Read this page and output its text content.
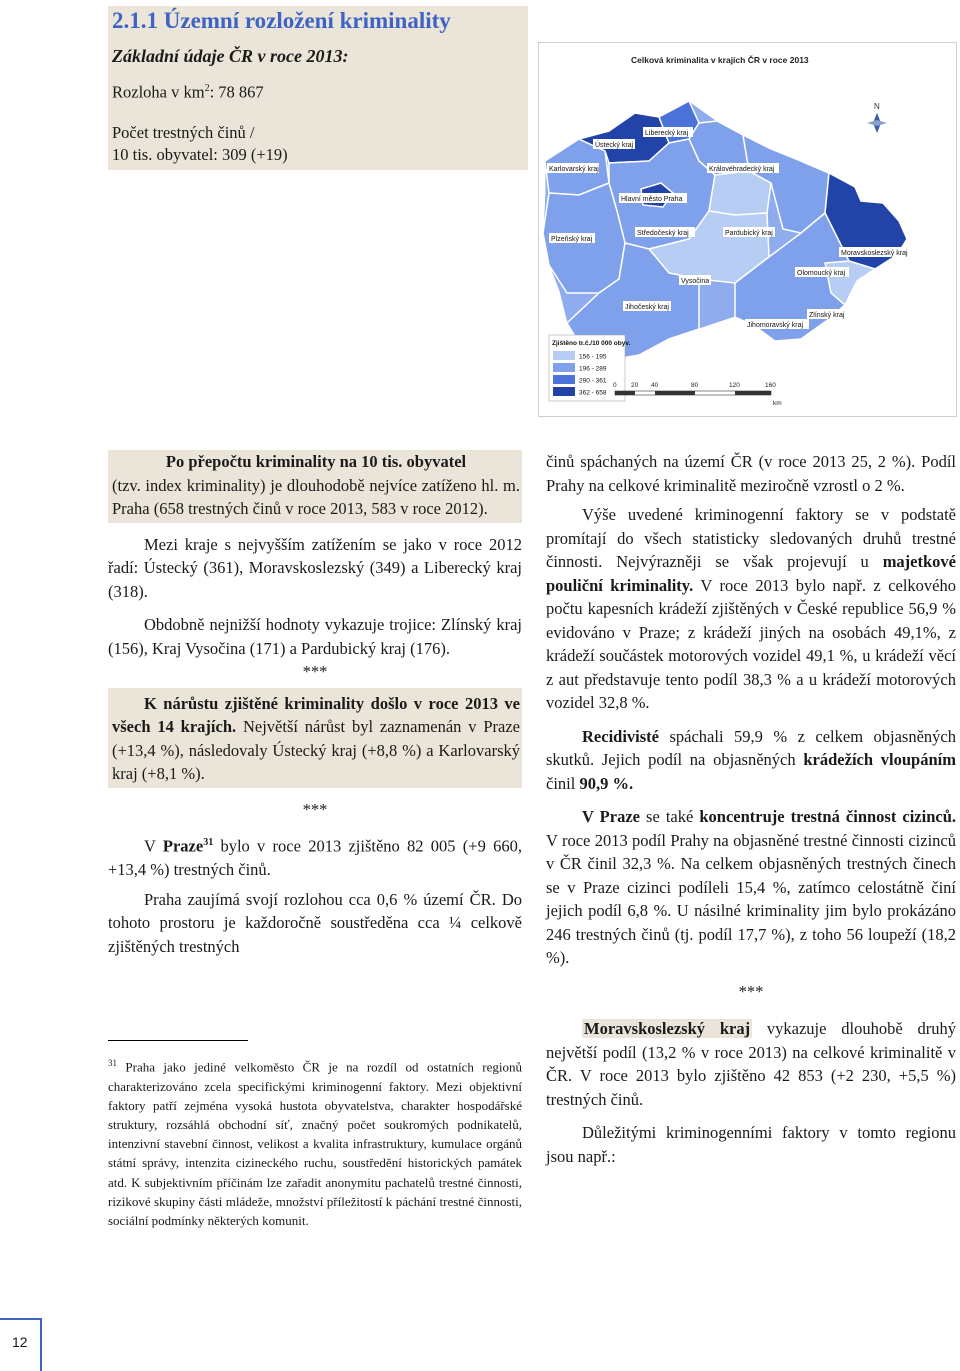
2.1.1 Územní rozložení kriminality
Základní údaje ČR v roce 2013:
Rozloha v $km^2$: 78 867
Počet trestných činů /
10 tis. obyvatel: 309 (+19)
Celková kriminalita v krajích ČR v roce 2013
Karlovarský kraj
Ústecký kraj
Liberecký kraj
Královéhradecký kraj
Hlavní město Praha
Středočeský kraj	Pardubický kraj
Plzeňský kraj
Moravskoslezský kraj
Olomoucký kraj
Vysočina
Jihočeský kraj
Zlínský kraj
Jihomoravský kraj
N
Zjištěno tr.č./10 000 obyv.
156 - 195
196 - 289
290 - 361
362 - 658
0 20 40	80	120	160
km

Po přepočtu kriminality na 10 tis. obyvatel
(tzv. index kriminality) je dlouhodobě nejvíce zatíženo hl. m. Praha (658 trestných činů v roce 2013, 583 v roce 2012).

Mezi kraje s nejvyšším zatížením se jako v roce 2012 řadí: Ústecký (361), Moravskoslezský (349) a Liberecký kraj (318).

Obdobně nejnižší hodnoty vykazuje trojice: Zlínský kraj (156), Kraj Vysočina (171) a Pardubický kraj (176).

***

K nárůstu zjištěné kriminality došlo v roce 2013 ve všech 14 krajích. Největší nárůst byl zaznamenán v Praze (+13,4 %), následovaly Ústecký kraj (+8,8 %) a Karlovarský kraj (+8,1 %).

***

V Praze$^{31}$ bylo v roce 2013 zjištěno 82 005 (+9 660, +13,4 %) trestných činů.

Praha zaujímá svojí rozlohou cca 0,6 % území ČR. Do tohoto prostoru je každoročně soustředěna cca ¼ celkově zjištěných trestných

$^{31}$ Praha jako jediné velkoměsto ČR je na rozdíl od ostatních regionů charakterizováno zcela specifickými kriminogenní faktory. Mezi objektivní faktory patří zejména vysoká hustota obyvatelstva, charakter hospodářské struktury, rozsáhlá obchodní síť, značný počet soukromých podnikatelů, intenzivní stavební činnost, velikost a kvalita infrastruktury, kumulace orgánů státní správy, intenzita cizineckého ruchu, soustředění historických památek atd. K subjektivním příčinám lze zařadit anonymitu pachatelů trestné činnosti, rizikové skupiny části mládeže, množství příležitostí k páchání trestné činnosti, sociální podmínky některých komunit.

činů spáchaných na území ČR (v roce 2013 25, 2 %). Podíl Prahy na celkové kriminalitě meziročně vzrostl o 2 %.

Výše uvedené kriminogenní faktory se v podstatě promítají do všech statisticky sledovaných druhů trestné činnosti. Nejvýrazněji se však projevují u majetkové pouliční kriminality. V roce 2013 bylo např. z celkového počtu kapesních krádeží zjištěných v České republice 56,9 % evidováno v Praze; z krádeží jiných na osobách 49,1%, z krádeží součástek motorových vozidel 49,1 %, u krádeží věcí z aut představuje tento podíl 38,3 % a u krádeží motorových vozidel 32,8 %.

Recidivisté spáchali 59,9 % z celkem objasněných skutků. Jejich podíl na objasněných krádežích vloupáním činil 90,9 %.

V Praze se také koncentruje trestná činnost cizinců. V roce 2013 podíl Prahy na objasněné trestné činnosti cizinců v ČR činil 32,3 %. Na celkem objasněných trestných činech se v Praze cizinci podíleli 15,4 %, zatímco celostátně činí jejich podíl 6,8 %. U násilné kriminality jim bylo prokázáno 246 trestných činů (tj. podíl 17,7 %), z toho 56 loupeží (18,2 %).

***

Moravskoslezský kraj vykazuje dlouhobě druhý největší podíl (13,2 % v roce 2013) na celkové kriminalitě v ČR. V roce 2013 bylo zjištěno 42 853 (+2 230, +5,5 %) trestných činů.

Důležitými kriminogenními faktory v tomto regionu jsou např.:

12
